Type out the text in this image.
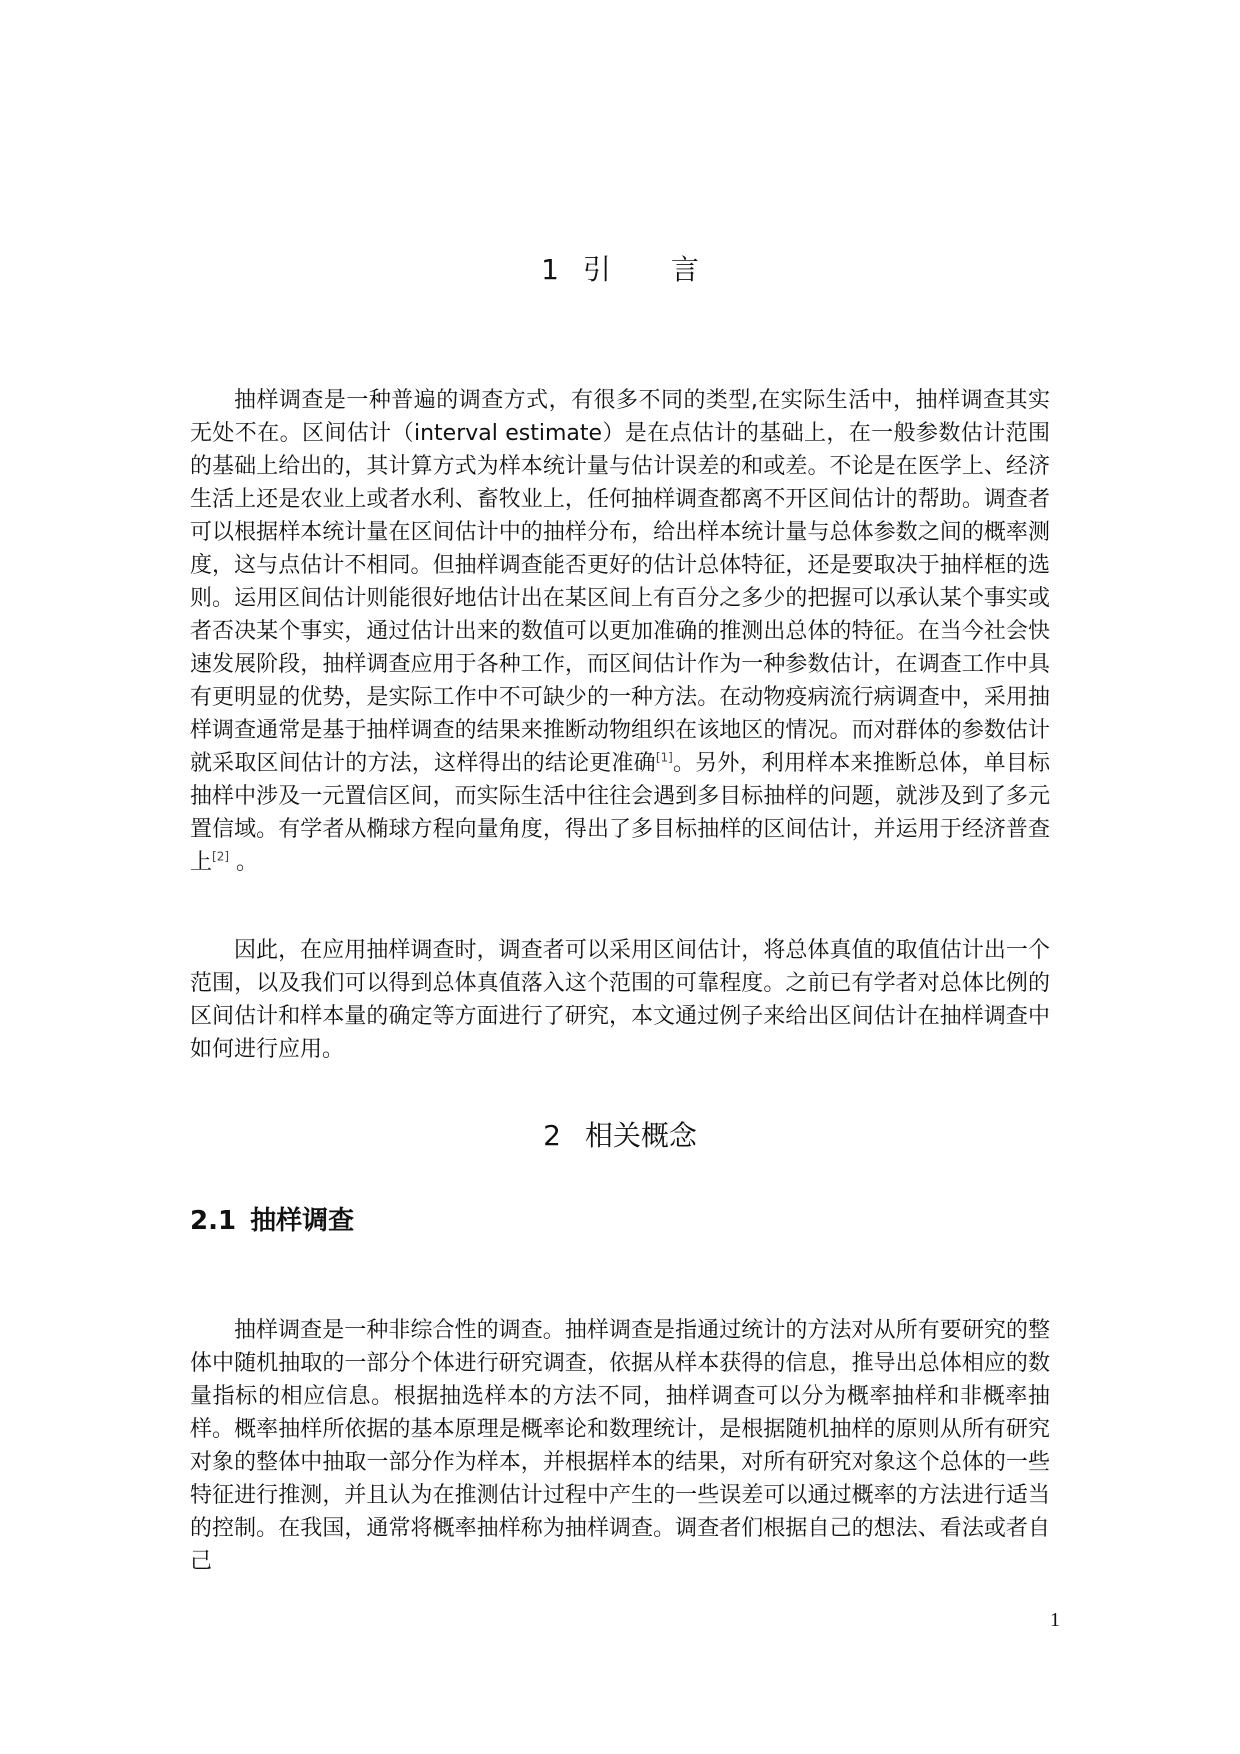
1 引言

抽样调查是一种普遍的调查方式，有很多不同的类型,在实际生活中，抽样调查其实无处不在。区间估计（interval estimate）是在点估计的基础上，在一般参数估计范围的基础上给出的，其计算方式为样本统计量与估计误差的和或差。不论是在医学上、经济生活上还是农业上或者水利、畜牧业上，任何抽样调查都离不开区间估计的帮助。调查者可以根据样本统计量在区间估计中的抽样分布，给出样本统计量与总体参数之间的概率测度，这与点估计不相同。但抽样调查能否更好的估计总体特征，还是要取决于抽样框的选则。运用区间估计则能很好地估计出在某区间上有百分之多少的把握可以承认某个事实或者否决某个事实，通过估计出来的数值可以更加准确的推测出总体的特征。在当今社会快速发展阶段，抽样调查应用于各种工作，而区间估计作为一种参数估计，在调查工作中具有更明显的优势，是实际工作中不可缺少的一种方法。在动物疫病流行病调查中，采用抽样调查通常是基于抽样调查的结果来推断动物组织在该地区的情况。而对群体的参数估计就采取区间估计的方法，这样得出的结论更准确[1]。另外，利用样本来推断总体，单目标抽样中涉及一元置信区间，而实际生活中往往会遇到多目标抽样的问题，就涉及到了多元置信域。有学者从椭球方程向量角度，得出了多目标抽样的区间估计，并运用于经济普查上[2] 。

因此，在应用抽样调查时，调查者可以采用区间估计，将总体真值的取值估计出一个范围，以及我们可以得到总体真值落入这个范围的可靠程度。之前已有学者对总体比例的区间估计和样本量的确定等方面进行了研究，本文通过例子来给出区间估计在抽样调查中如何进行应用。

2 相关概念
2.1 抽样调查

抽样调查是一种非综合性的调查。抽样调查是指通过统计的方法对从所有要研究的整体中随机抽取的一部分个体进行研究调查，依据从样本获得的信息，推导出总体相应的数量指标的相应信息。根据抽选样本的方法不同，抽样调查可以分为概率抽样和非概率抽样。概率抽样所依据的基本原理是概率论和数理统计，是根据随机抽样的原则从所有研究对象的整体中抽取一部分作为样本，并根据样本的结果，对所有研究对象这个总体的一些特征进行推测，并且认为在推测估计过程中产生的一些误差可以通过概率的方法进行适当的控制。在我国，通常将概率抽样称为抽样调查。调查者们根据自己的想法、看法或者自己

1
